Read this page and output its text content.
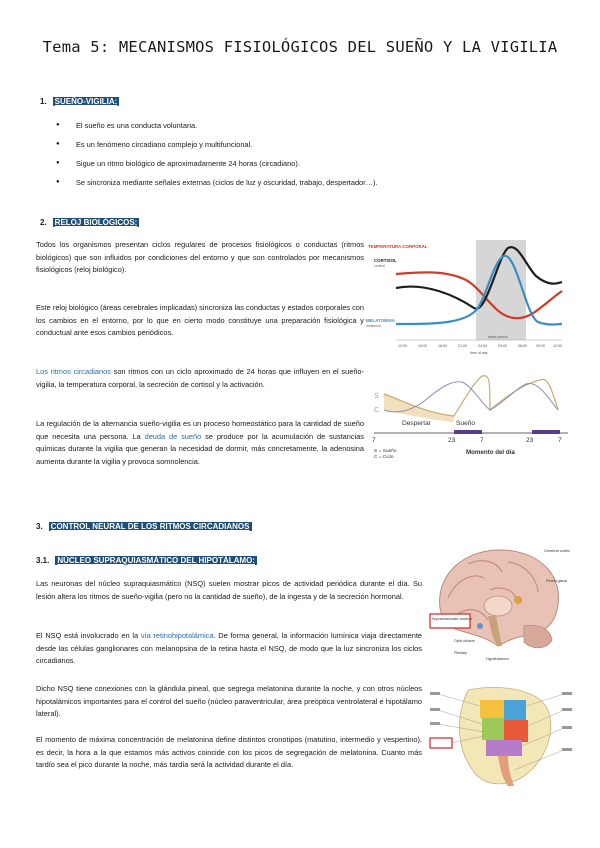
Tema 5: MECANISMOS FISIOLÓGICOS DEL SUEÑO Y LA VIGILIA
1. SUEÑO-VIGILIA:
● El sueño es una conducta voluntaria.
● Es un fenómeno circadiano complejo y multifuncional.
● Sigue un ritmo biológico de aproximadamente 24 horas (circadiano).
● Se sincroniza mediante señales externas (ciclos de luz y oscuridad, trabajo, despertador…).
2. RELOJ BIOLÓGICOS:

Todos los organismos presentan ciclos regulares de procesos fisiológicos o conductas (ritmos biológicos) que son influidos por condiciones del entorno y que son controlados por mecanismos fisiológicos (reloj biológico).

Este reloj biológico (áreas cerebrales implicadas) sincroniza las conductas y estados corporales con los cambios en el entorno, por lo que en cierto modo constituye una preparación fisiológica y conductual ante esos cambios periódicos.

Los ritmos circadianos son ritmos con un ciclo aproximado de 24 horas que influyen en el sueño-vigilia, la temperatura corporal, la secreción de cortisol y la activación.

La regulación de la alternancia sueño-vigilia es un proceso homeostático para la cantidad de sueño que necesita una persona. La deuda de sueño se produce por la acumulación de sustancias químicas durante la vigilia que generan la necesidad de dormir, más concretamente, la adenosina aumenta durante la vigilia y provoca somnolencia.

sleep period
TEMPERATURA CORPORAL
CORTISOL
cortisol
MELATONINA
melatonin
12:00	15:00	18:00	21:00	24:00	03:00	06:00	09:00 12:00
time of day
S
C
Despertar	Sueño
7	23	7	23	7
S = Sueño
C = Ciclo
Momento del día
3. CONTROL NEURAL DE LOS RITMOS CIRCADIANOS
3.1. NÚCLEO SUPRAQUIASMÁTICO DEL HIPOTÁLAMO:

Las neuronas del núcleo supraquiasmático (NSQ) suelen mostrar picos de actividad periódica durante el día. Su lesión altera los ritmos de sueño-vigilia (pero no la cantidad de sueño), de la ingesta y de la secreción hormonal.

El NSQ está involucrado en la vía retinohipotalámica. De forma general, la información lumínica viaja directamente desde las células ganglionares con melanopsina de la retina hasta el NSQ, de modo que la luz sincroniza los ciclos circadianos.

Dicho NSQ tiene conexiones con la glándula pineal, que segrega melatonina durante la noche, y con otros núcleos hipotalámicos importantes para el control del sueño (núcleo paraventricular, área preóptica ventrolateral e hipotálamo lateral).

El momento de máxima concentración de melatonina define distintos cronotipos (matutino, intermedio y vespertino), es decir, la hora a la que estamos más activos coincide con los picos de segregación de melatonina. Cuanto más tardío sea el pico durante la noche, más tardía será la actividad durante el día.

Suprachiasmatic nucleus
Cerebral cortex
Pineal gland
Optic chiasm
Pituitary
Hypothalamus
